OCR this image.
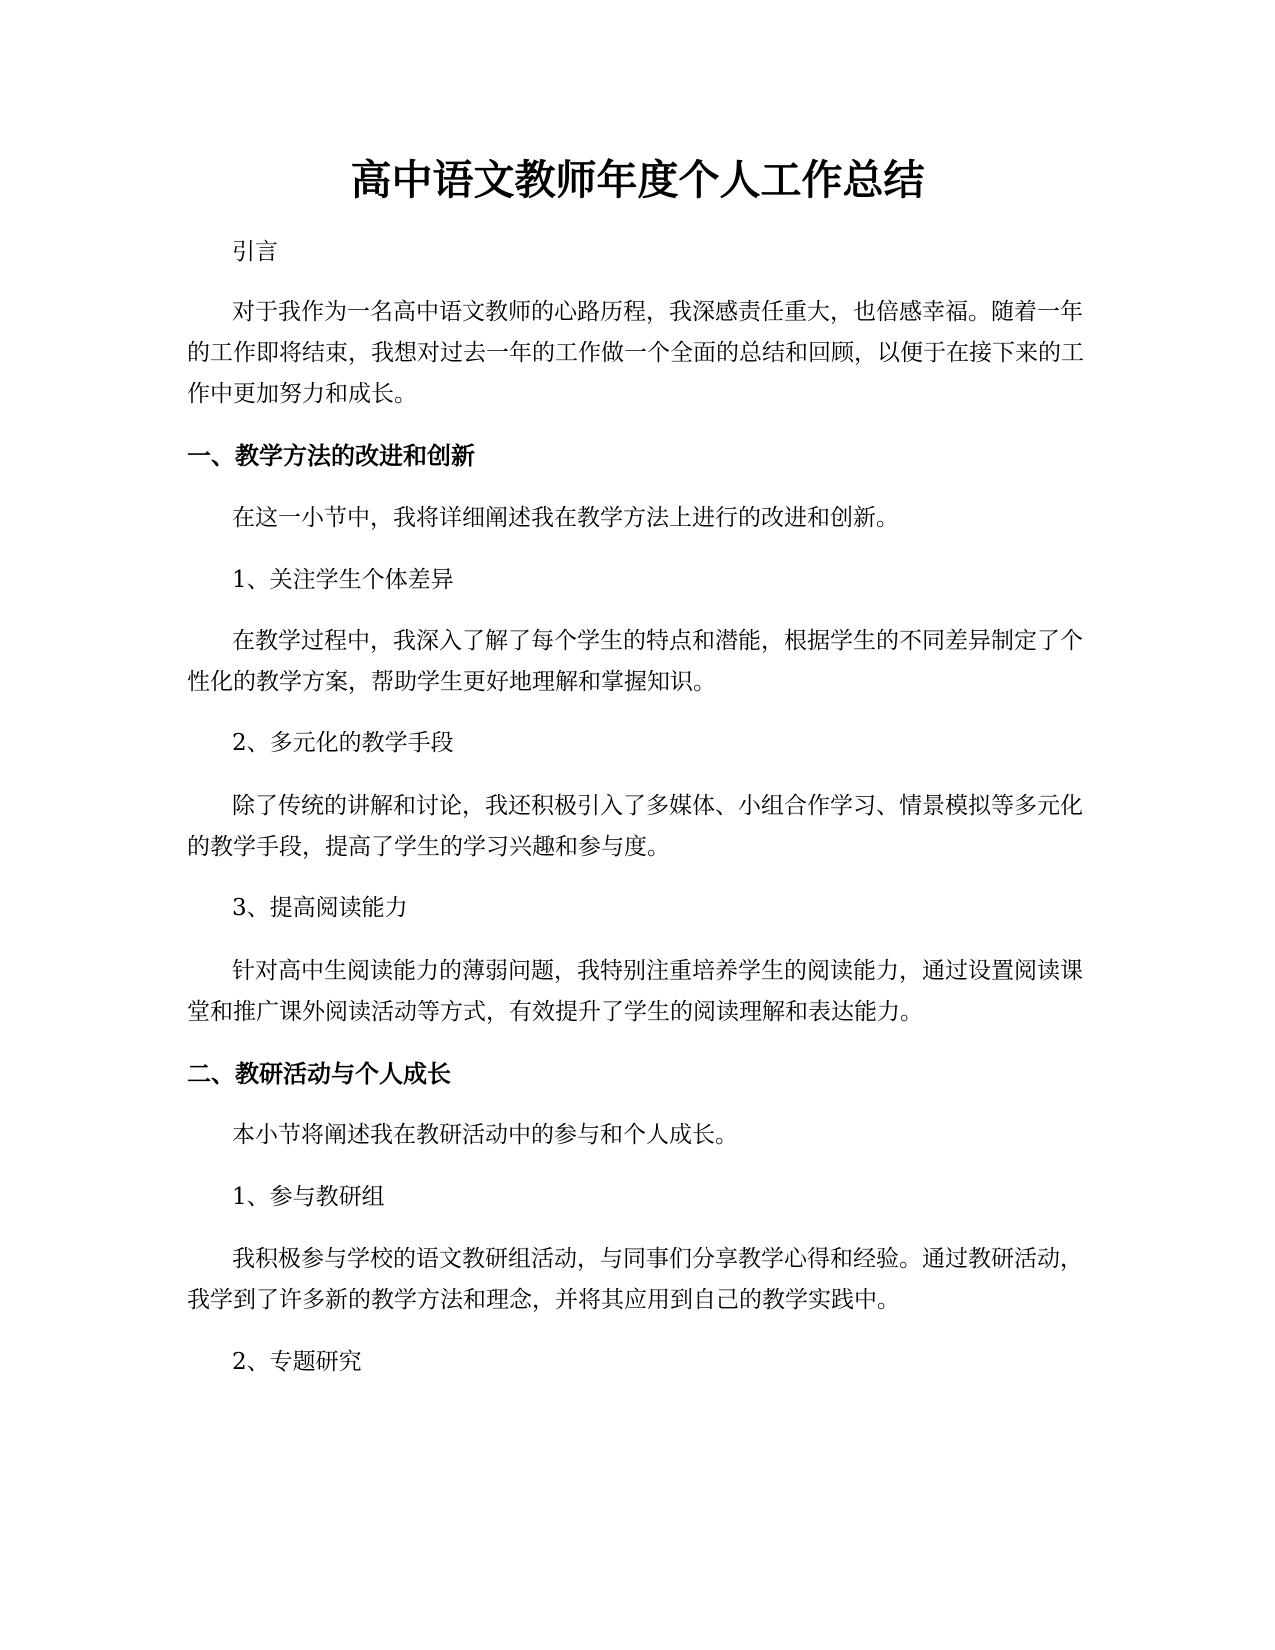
高中语文教师年度个人工作总结

引言

对于我作为一名高中语文教师的心路历程，我深感责任重大，也倍感幸福。随着一年的工作即将结束，我想对过去一年的工作做一个全面的总结和回顾，以便于在接下来的工作中更加努力和成长。

一、教学方法的改进和创新

在这一小节中，我将详细阐述我在教学方法上进行的改进和创新。

1、关注学生个体差异

在教学过程中，我深入了解了每个学生的特点和潜能，根据学生的不同差异制定了个性化的教学方案，帮助学生更好地理解和掌握知识。

2、多元化的教学手段

除了传统的讲解和讨论，我还积极引入了多媒体、小组合作学习、情景模拟等多元化的教学手段，提高了学生的学习兴趣和参与度。

3、提高阅读能力

针对高中生阅读能力的薄弱问题，我特别注重培养学生的阅读能力，通过设置阅读课堂和推广课外阅读活动等方式，有效提升了学生的阅读理解和表达能力。

二、教研活动与个人成长

本小节将阐述我在教研活动中的参与和个人成长。

1、参与教研组

我积极参与学校的语文教研组活动，与同事们分享教学心得和经验。通过教研活动，我学到了许多新的教学方法和理念，并将其应用到自己的教学实践中。

2、专题研究
